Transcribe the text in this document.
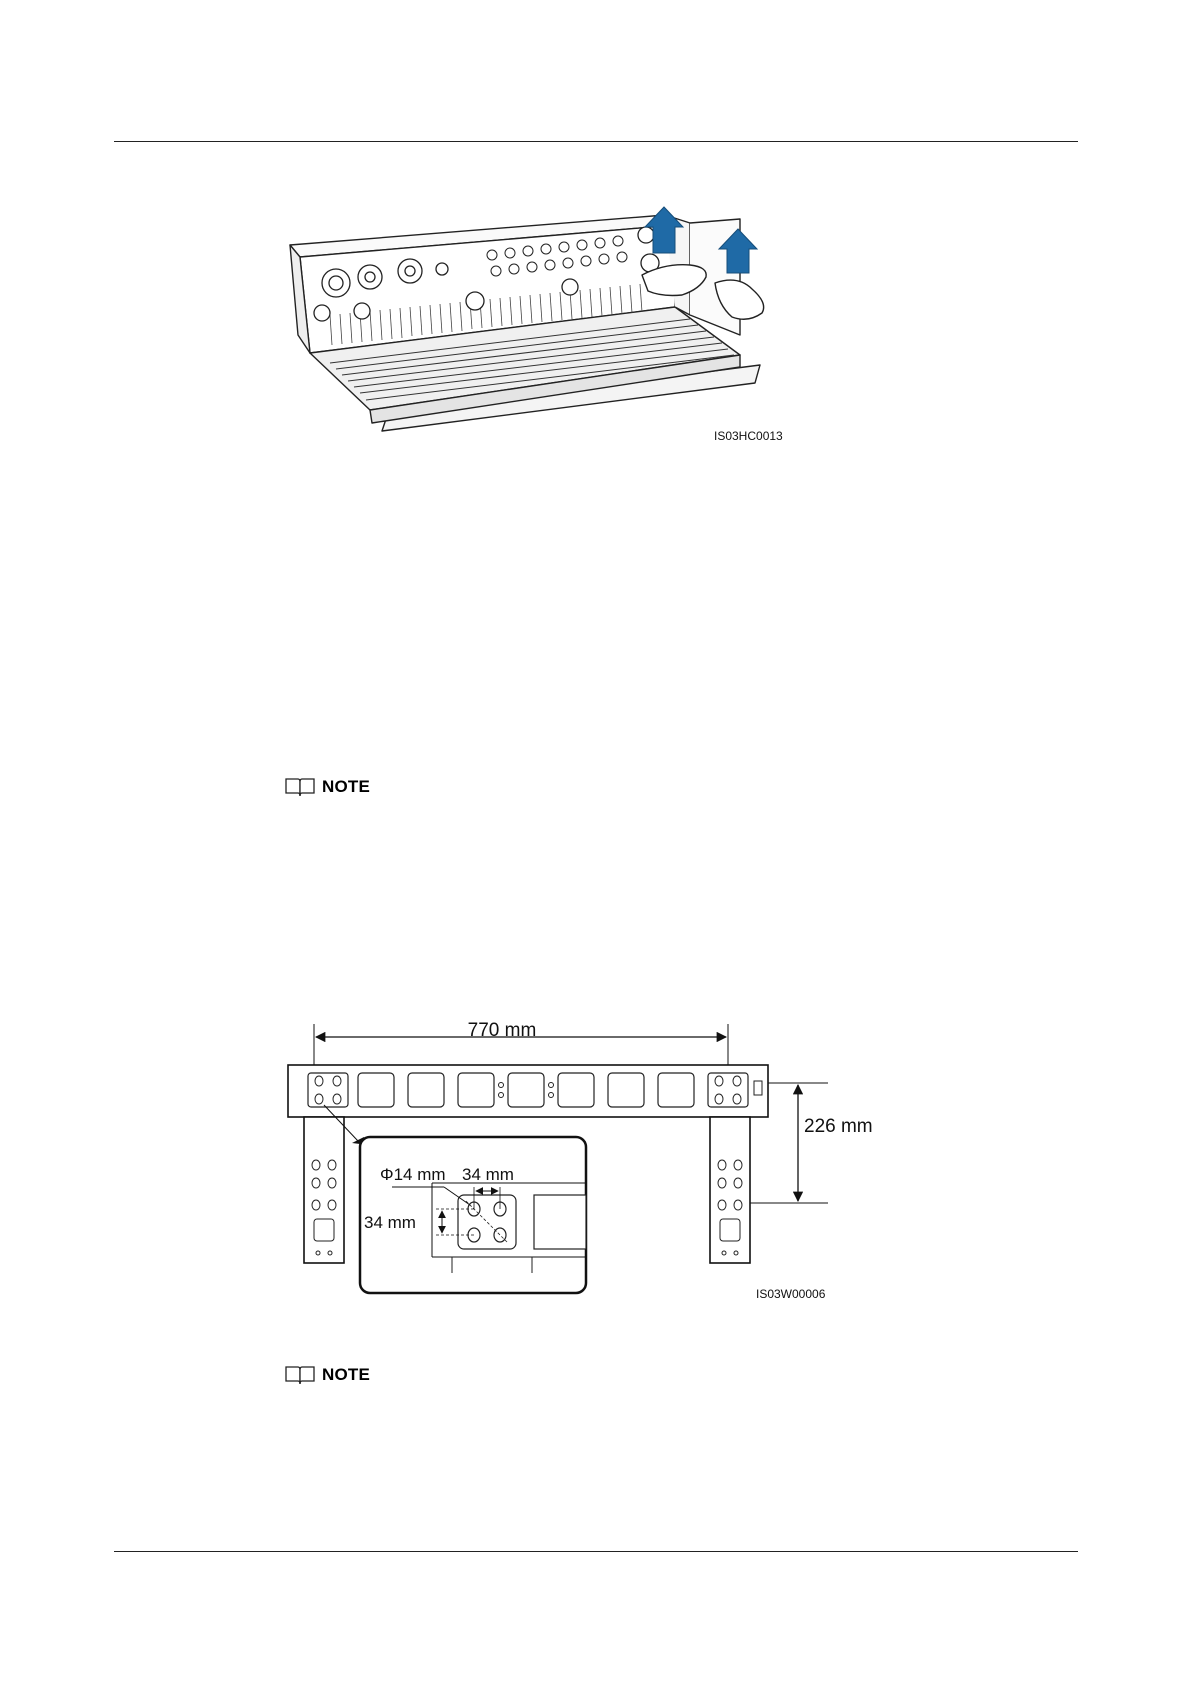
IS03HC0013
NOTE
770 mm
226 mm
Φ14 mm 34 mm
34 mm
IS03W00006
NOTE
